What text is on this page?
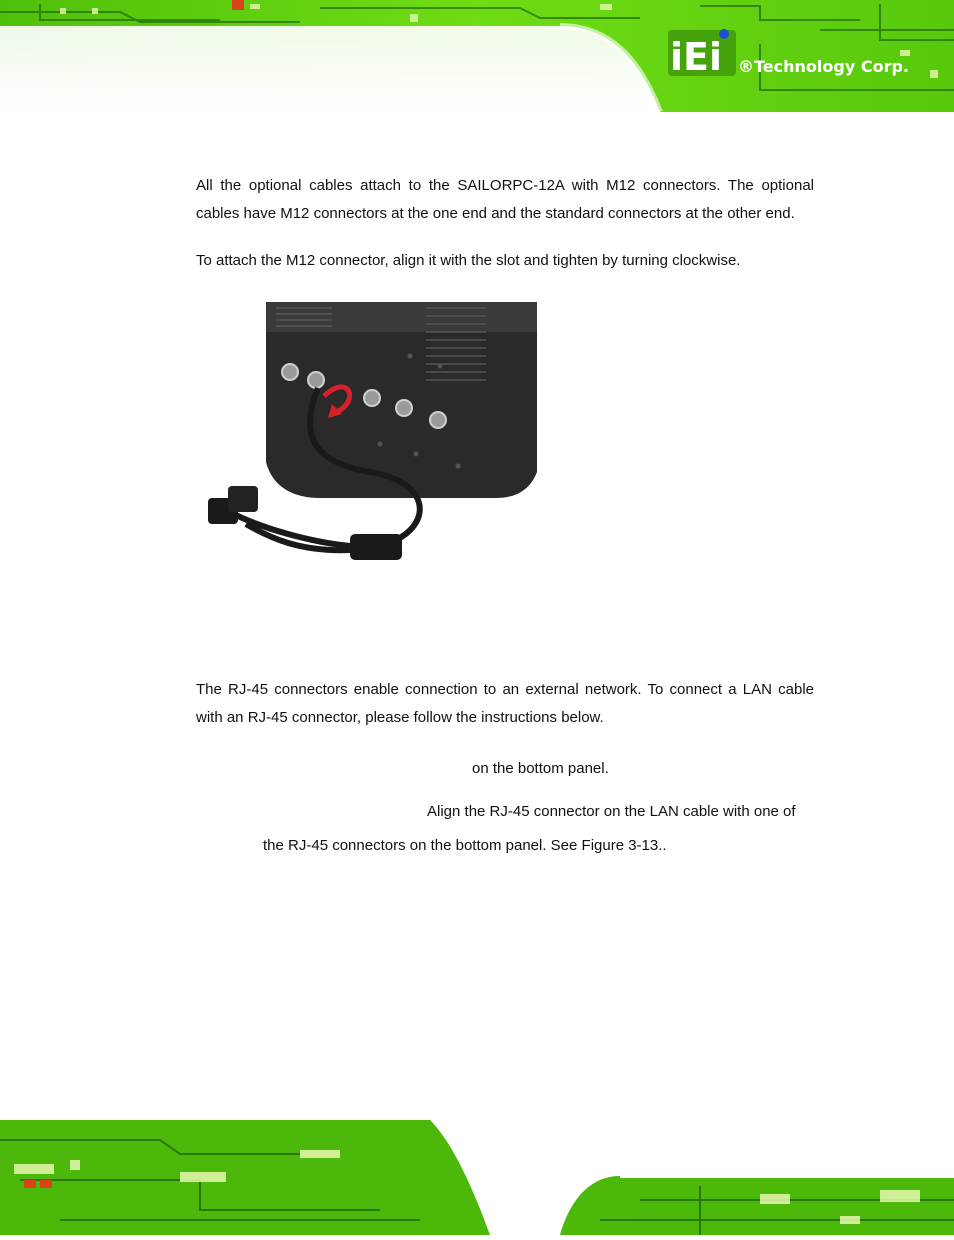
iEi ®Technology Corp.

All the optional cables attach to the SAILORPC-12A with M12 connectors. The optional cables have M12 connectors at the one end and the standard connectors at the other end.

To attach the M12 connector, align it with the slot and tighten by turning clockwise.

The RJ-45 connectors enable connection to an external network. To connect a LAN cable with an RJ-45 connector, please follow the instructions below.

on the bottom panel.

Align the RJ-45 connector on the LAN cable with one of

the RJ-45 connectors on the bottom panel. See Figure 3-13..
